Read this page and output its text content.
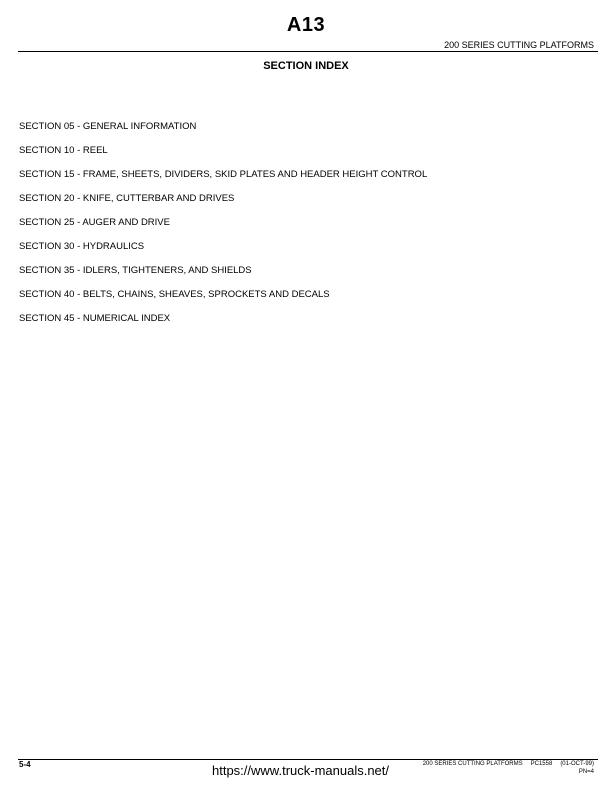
A13
200 SERIES CUTTING PLATFORMS
SECTION INDEX
SECTION 05 - GENERAL INFORMATION
SECTION 10 - REEL
SECTION 15 - FRAME, SHEETS, DIVIDERS, SKID PLATES AND HEADER HEIGHT CONTROL
SECTION 20 - KNIFE, CUTTERBAR AND DRIVES
SECTION 25 - AUGER AND DRIVE
SECTION 30 - HYDRAULICS
SECTION 35 - IDLERS, TIGHTENERS, AND SHIELDS
SECTION 40 - BELTS, CHAINS, SHEAVES, SPROCKETS AND DECALS
SECTION 45 - NUMERICAL INDEX
5-4	https://www.truck-manuals.net/	200 SERIES CUTTING PLATFORMS PC1558 (01-OCT-99)
PN=4
